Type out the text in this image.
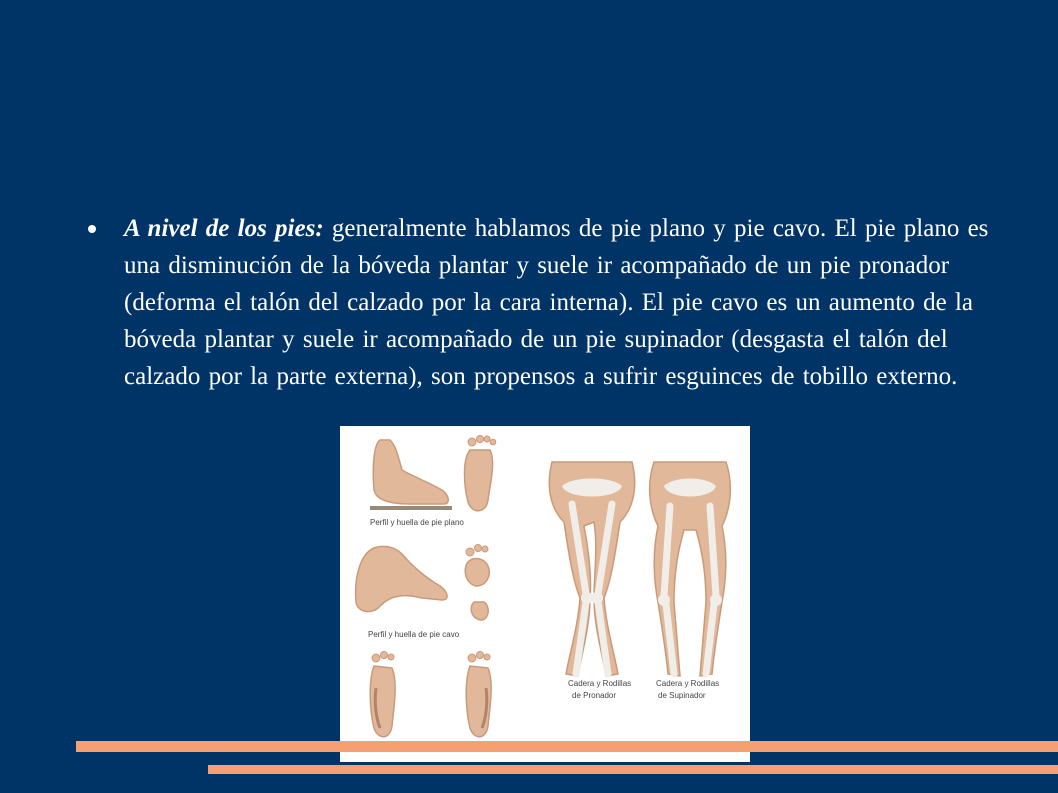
A nivel de los pies: generalmente hablamos de pie plano y pie cavo. El pie plano es una disminución de la bóveda plantar y suele ir acompañado de un pie pronador (deforma el talón del calzado por la cara interna). El pie cavo es un aumento de la bóveda plantar y suele ir acompañado de un pie supinador (desgasta el talón del calzado por la parte externa), son propensos a sufrir esguinces de tobillo externo.

Perfil y huella de pie plano
Perfil y huella de pie cavo
Cadera y Rodillas
de Pronador
Cadera y Rodillas
de Supinador
